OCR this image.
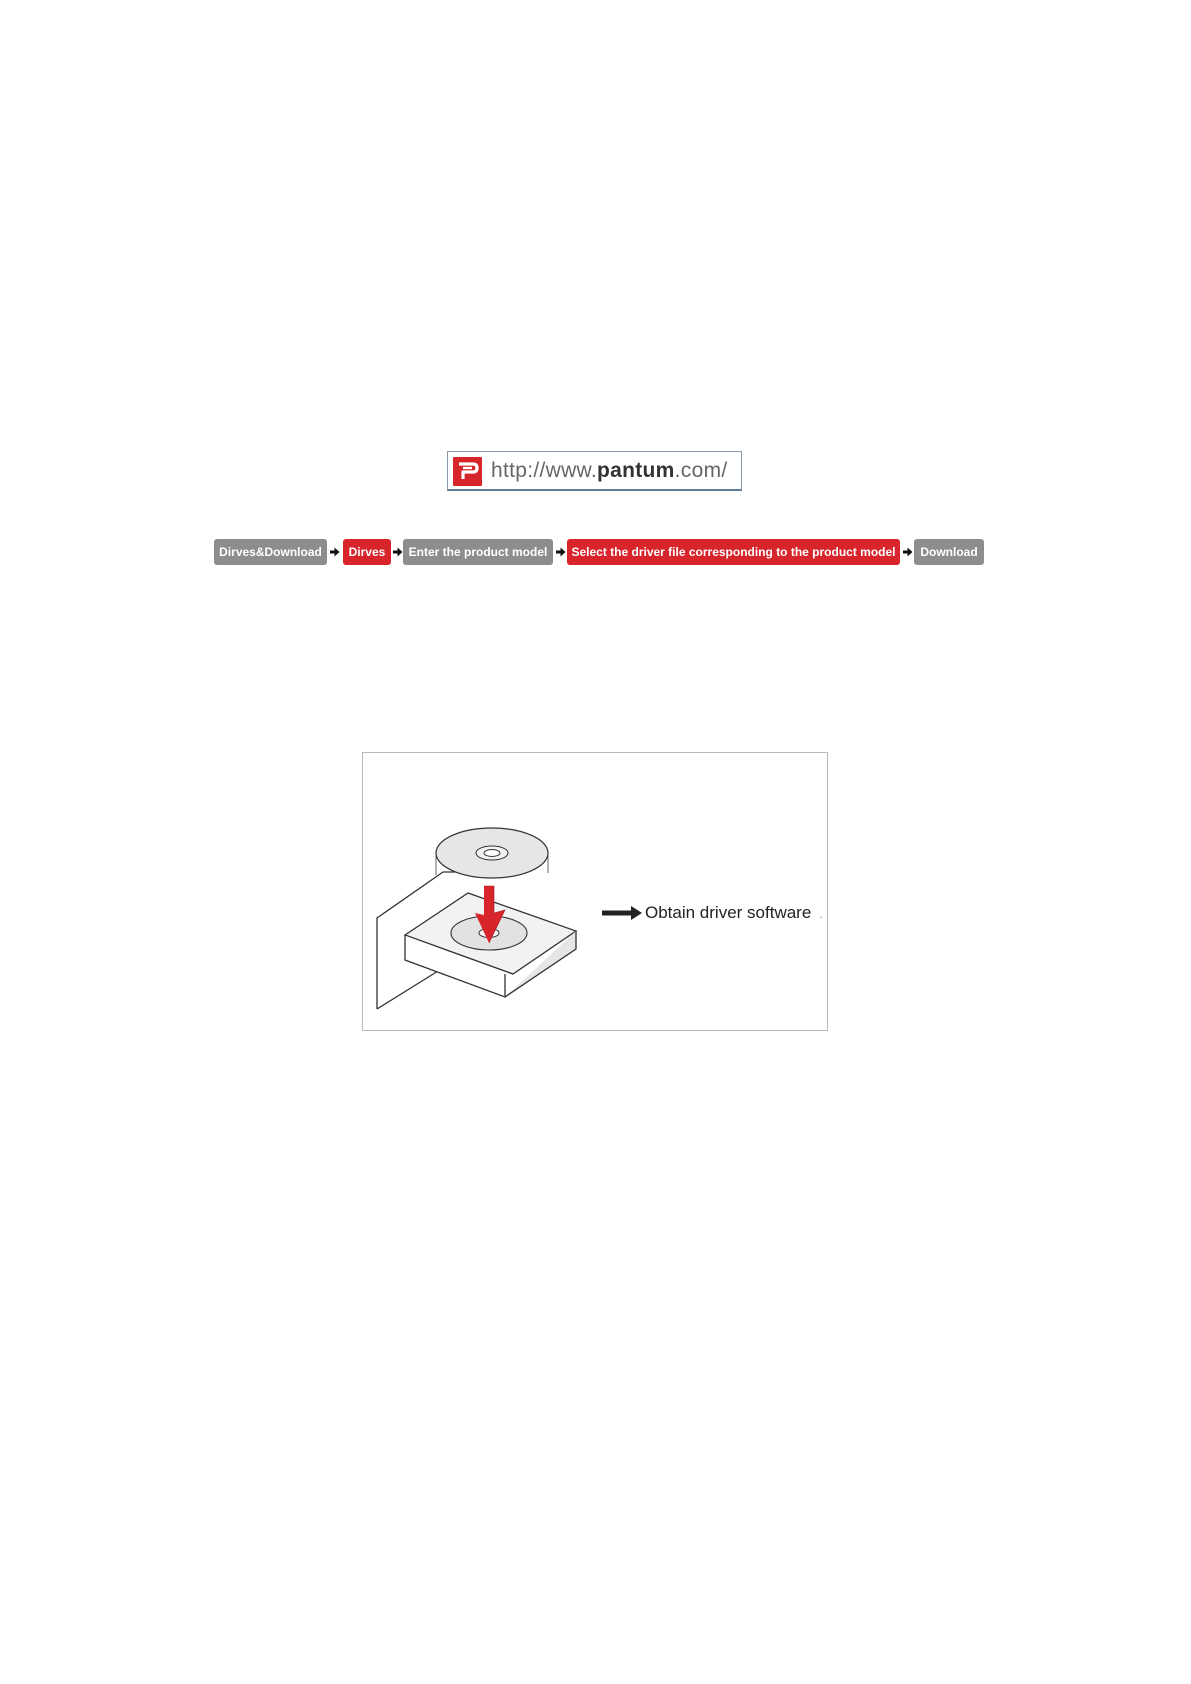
http://www.pantum.com/
Dirves&Download	Dirves	Enter the product model	Select the driver file corresponding to the product model	Download
Obtain driver software .
